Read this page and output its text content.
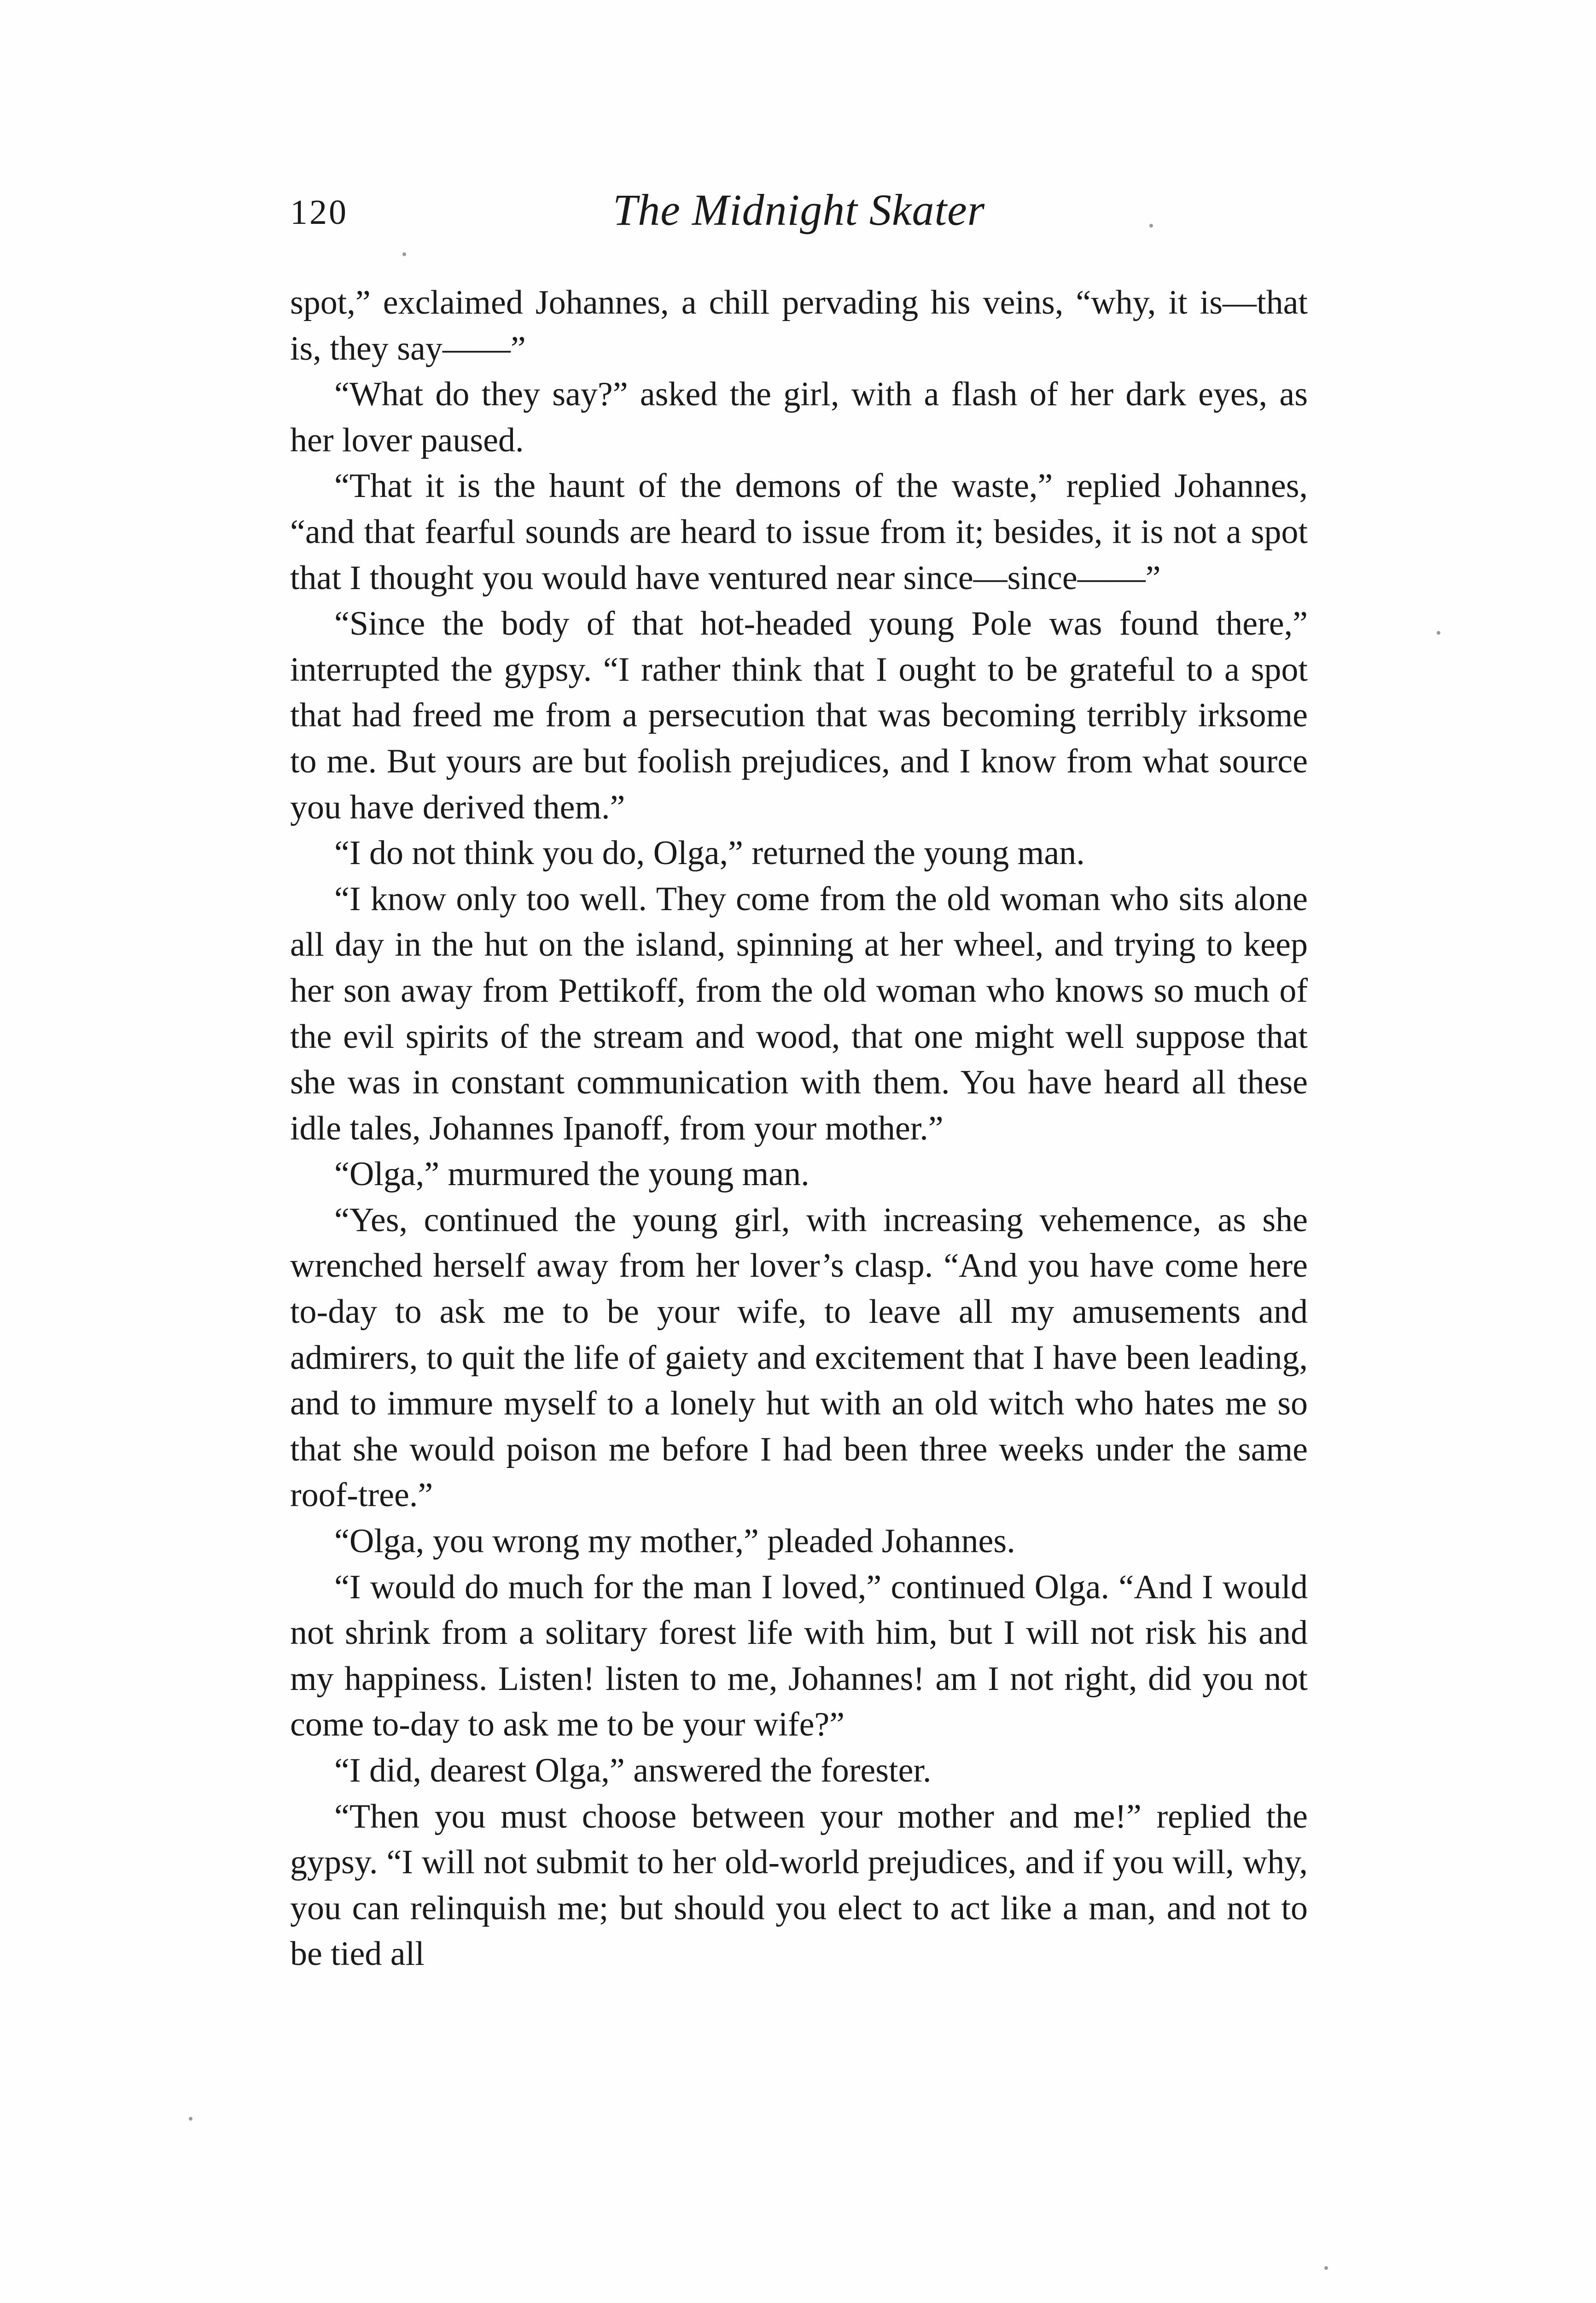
120	The Midnight Skater

spot,” exclaimed Johannes, a chill pervading his veins, “why, it is—that is, they say——”

“What do they say?” asked the girl, with a flash of her dark eyes, as her lover paused.

“That it is the haunt of the demons of the waste,” replied Johannes, “and that fearful sounds are heard to issue from it; besides, it is not a spot that I thought you would have ventured near since—since——”

“Since the body of that hot-headed young Pole was found there,” interrupted the gypsy. “I rather think that I ought to be grateful to a spot that had freed me from a persecution that was becoming terribly irksome to me. But yours are but foolish prejudices, and I know from what source you have derived them.”

“I do not think you do, Olga,” returned the young man.

“I know only too well. They come from the old woman who sits alone all day in the hut on the island, spinning at her wheel, and trying to keep her son away from Pettikoff, from the old woman who knows so much of the evil spirits of the stream and wood, that one might well suppose that she was in constant communication with them. You have heard all these idle tales, Johannes Ipanoff, from your mother.”

“Olga,” murmured the young man.

“Yes, continued the young girl, with increasing vehemence, as she wrenched herself away from her lover’s clasp. “And you have come here to-day to ask me to be your wife, to leave all my amusements and admirers, to quit the life of gaiety and excitement that I have been leading, and to immure myself to a lonely hut with an old witch who hates me so that she would poison me before I had been three weeks under the same roof-tree.”

“Olga, you wrong my mother,” pleaded Johannes.

“I would do much for the man I loved,” continued Olga. “And I would not shrink from a solitary forest life with him, but I will not risk his and my happiness. Listen! listen to me, Johannes! am I not right, did you not come to-day to ask me to be your wife?”

“I did, dearest Olga,” answered the forester.

“Then you must choose between your mother and me!” replied the gypsy. “I will not submit to her old-world prejudices, and if you will, why, you can relinquish me; but should you elect to act like a man, and not to be tied all
